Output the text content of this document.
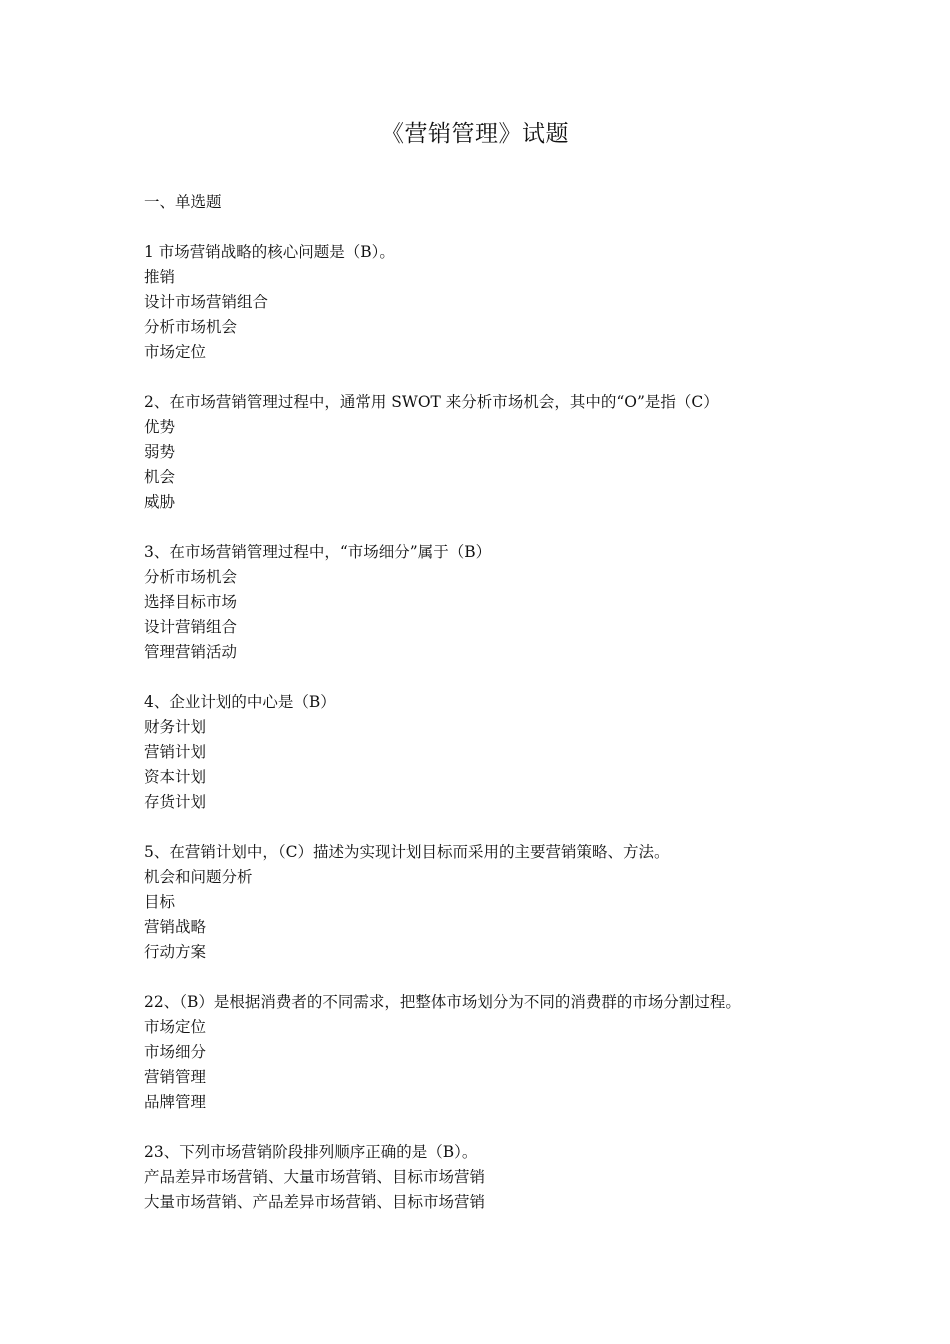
《营销管理》试题
一、单选题
1 市场营销战略的核心问题是（B）。
推销
设计市场营销组合
分析市场机会
市场定位
2、在市场营销管理过程中，通常用 SWOT 来分析市场机会，其中的“O”是指（C）
优势
弱势
机会
威胁
3、在市场营销管理过程中，“市场细分”属于（B）
分析市场机会
选择目标市场
设计营销组合
管理营销活动
4、企业计划的中心是（B）
财务计划
营销计划
资本计划
存货计划
5、在营销计划中，（C）描述为实现计划目标而采用的主要营销策略、方法。
机会和问题分析
目标
营销战略
行动方案
22、（B）是根据消费者的不同需求，把整体市场划分为不同的消费群的市场分割过程。
市场定位
市场细分
营销管理
品牌管理
23、下列市场营销阶段排列顺序正确的是（B）。
产品差异市场营销、大量市场营销、目标市场营销
大量市场营销、产品差异市场营销、目标市场营销
